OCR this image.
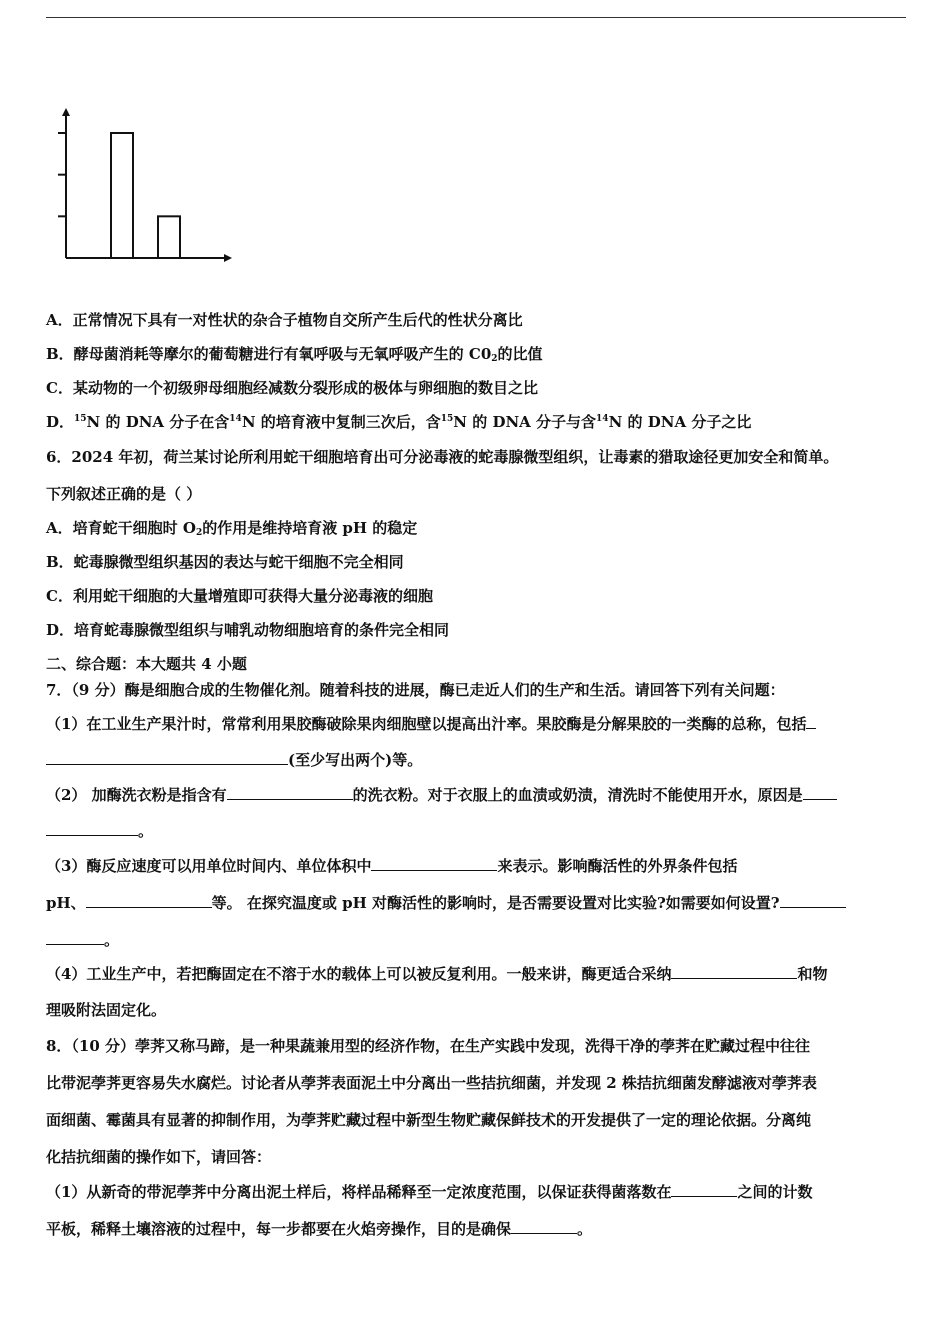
A．正常情况下具有一对性状的杂合子植物自交所产生后代的性状分离比
B．酵母菌消耗等摩尔的葡萄糖进行有氧呼吸与无氧呼吸产生的 $C0_2$的比值
C．某动物的一个初级卵母细胞经减数分裂形成的极体与卵细胞的数目之比
D．$^{15}$N 的 DNA 分子在含$^{14}$N 的培育液中复制三次后，含$^{15}$N 的 DNA 分子与含$^{14}$N 的 DNA 分子之比
6．2024 年初，荷兰某讨论所利用蛇干细胞培育出可分泌毒液的蛇毒腺微型组织，让毒素的猎取途径更加安全和简单。
下列叙述正确的是（ ）
A．培育蛇干细胞时 $O_2$的作用是维持培育液 pH 的稳定
B．蛇毒腺微型组织基因的表达与蛇干细胞不完全相同
C．利用蛇干细胞的大量增殖即可获得大量分泌毒液的细胞
D．培育蛇毒腺微型组织与哺乳动物细胞培育的条件完全相同
二、综合题：本大题共 4 小题
7．（9 分）酶是细胞合成的生物催化剂。随着科技的进展，酶已走近人们的生产和生活。请回答下列有关问题：
（1）在工业生产果汁时，常常利用果胶酶破除果肉细胞壁以提高出汁率。果胶酶是分解果胶的一类酶的总称，包括
(至少写出两个)等。
（2） 加酶洗衣粉是指含有	的洗衣粉。对于衣服上的血渍或奶渍，清洗时不能使用开水，原因是
。
（3）酶反应速度可以用单位时间内、单位体积中	来表示。影响酶活性的外界条件包括
pH、	等。 在探究温度或 pH 对酶活性的影响时，是否需要设置对比实验?如需要如何设置?
。
（4）工业生产中，若把酶固定在不溶于水的载体上可以被反复利用。一般来讲，酶更适合采纳	和物
理吸附法固定化。
8．（10 分）荸荠又称马蹄，是一种果蔬兼用型的经济作物，在生产实践中发现，洗得干净的荸荠在贮藏过程中往往
比带泥荸荠更容易失水腐烂。讨论者从荸荠表面泥土中分离出一些拮抗细菌，并发现 2 株拮抗细菌发酵滤液对荸荠表
面细菌、霉菌具有显著的抑制作用，为荸荠贮藏过程中新型生物贮藏保鲜技术的开发提供了一定的理论依据。分离纯
化拮抗细菌的操作如下，请回答：
（1）从新奇的带泥荸荠中分离出泥土样后，将样品稀释至一定浓度范围，以保证获得菌落数在	之间的计数
平板，稀释土壤溶液的过程中，每一步都要在火焰旁操作，目的是确保	。
